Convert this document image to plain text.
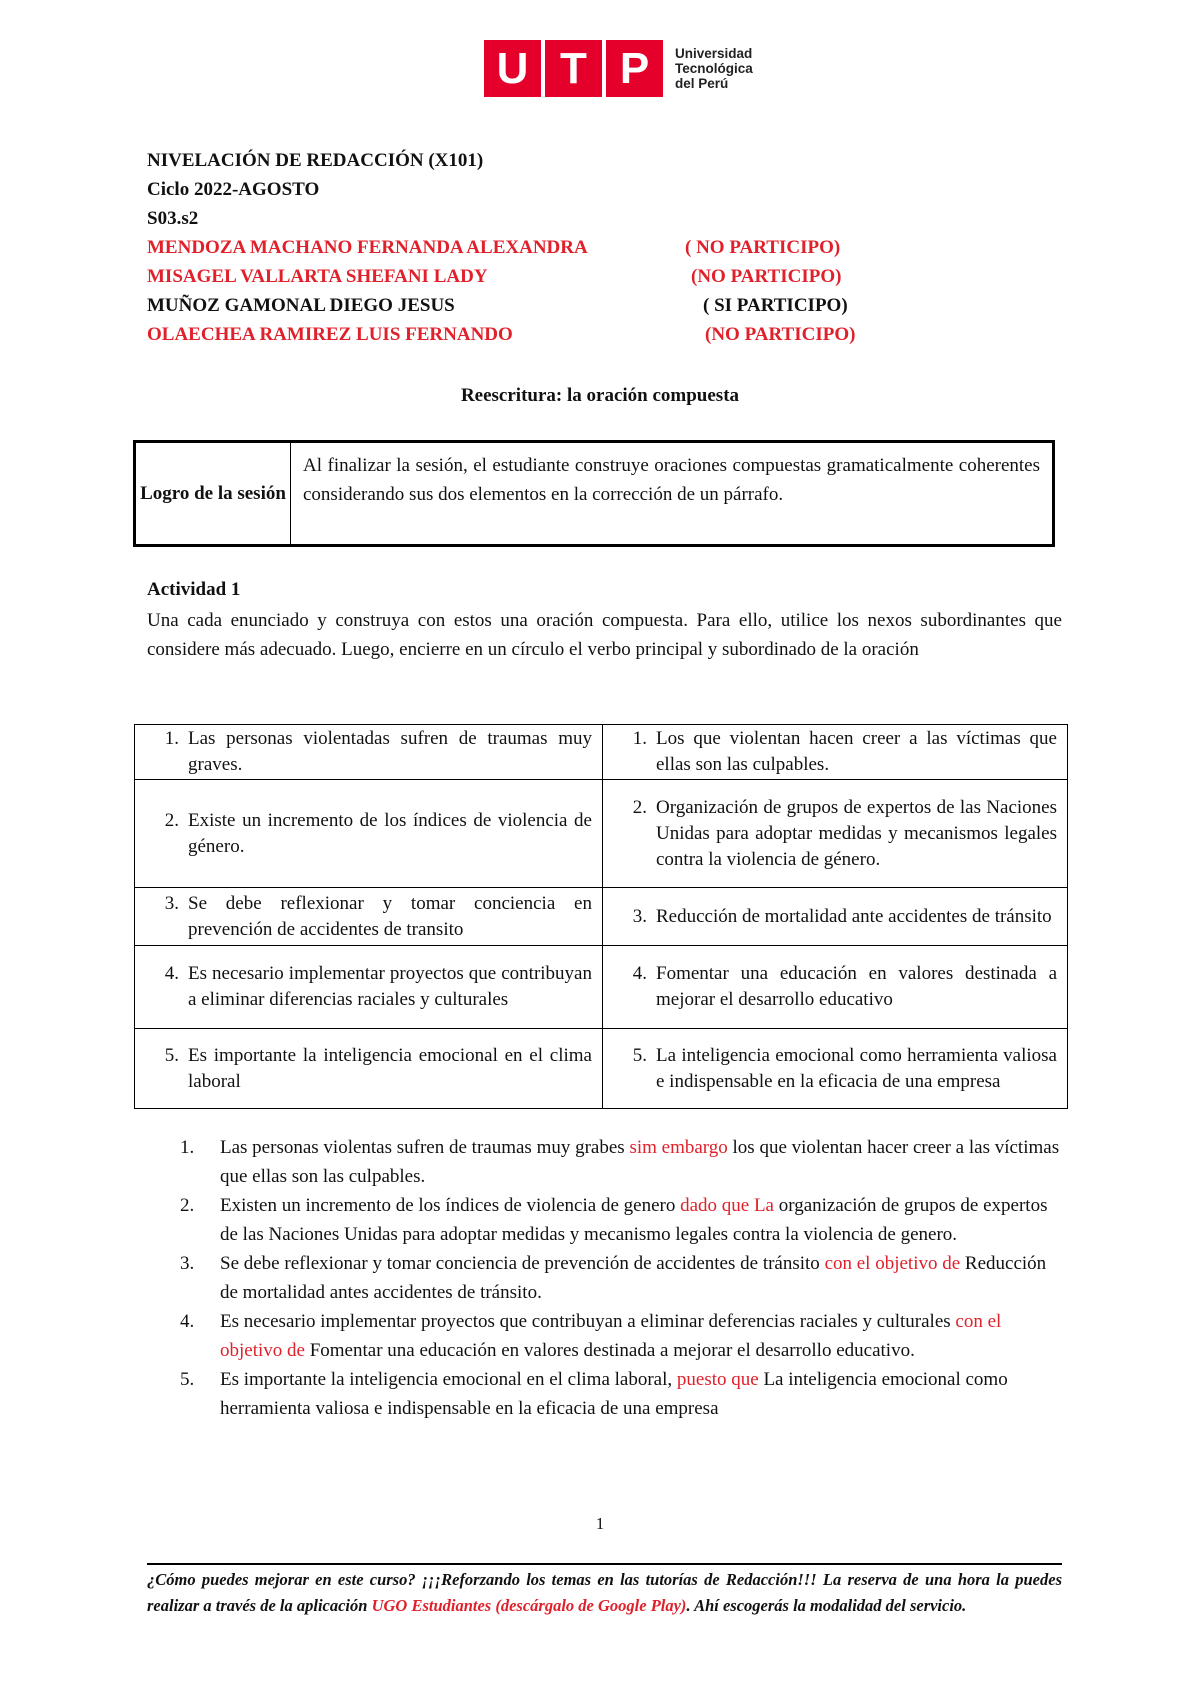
U T P	Universidad
Tecnológica
del Perú
NIVELACIÓN DE REDACCIÓN (X101)
Ciclo 2022-AGOSTO
S03.s2
MENDOZA MACHANO FERNANDA ALEXANDRA	( NO PARTICIPO)
MISAGEL VALLARTA SHEFANI LADY	(NO PARTICIPO)
MUÑOZ GAMONAL DIEGO JESUS	( SI PARTICIPO)
OLAECHEA RAMIREZ LUIS FERNANDO	(NO PARTICIPO)
Reescritura: la oración compuesta
Logro de la sesión
Al finalizar la sesión, el estudiante construye oraciones compuestas gramaticalmente coherentes considerando sus dos elementos en la corrección de un párrafo.
Actividad 1
Una cada enunciado y construya con estos una oración compuesta. Para ello, utilice los nexos subordinantes que considere más adecuado. Luego, encierre en un círculo el verbo principal y subordinado de la oración
1. Las personas violentadas sufren de traumas muy graves.	1. Los que violentan hacen creer a las víctimas que ellas son las culpables.

2. Existe un incremento de los índices de violencia de género.	2. Organización de grupos de expertos de las Naciones Unidas para adoptar medidas y mecanismos legales contra la violencia de género.

3. Se debe reflexionar y tomar conciencia en prevención de accidentes de transito	3. Reducción de mortalidad ante accidentes de tránsito

4. Es necesario implementar proyectos que contribuyan a eliminar diferencias raciales y culturales	4. Fomentar una educación en valores destinada a mejorar el desarrollo educativo

5. Es importante la inteligencia emocional en el clima laboral	5. La inteligencia emocional como herramienta valiosa e indispensable en la eficacia de una empresa
1.	Las personas violentas sufren de traumas muy grabes sim embargo los que violentan hacer creer a las víctimas que ellas son las culpables.
2.	Existen un incremento de los índices de violencia de genero dado que La organización de grupos de expertos de las Naciones Unidas para adoptar medidas y mecanismo legales contra la violencia de genero.
3.	Se debe reflexionar y tomar conciencia de prevención de accidentes de tránsito con el objetivo de Reducción de mortalidad antes accidentes de tránsito.
4.	Es necesario implementar proyectos que contribuyan a eliminar deferencias raciales y culturales con el objetivo de Fomentar una educación en valores destinada a mejorar el desarrollo educativo.
5.	Es importante la inteligencia emocional en el clima laboral, puesto que La inteligencia emocional como herramienta valiosa e indispensable en la eficacia de una empresa
1
¿Cómo puedes mejorar en este curso? ¡¡¡Reforzando los temas en las tutorías de Redacción!!! La reserva de una hora la puedes realizar a través de la aplicación UGO Estudiantes (descárgalo de Google Play). Ahí escogerás la modalidad del servicio.
